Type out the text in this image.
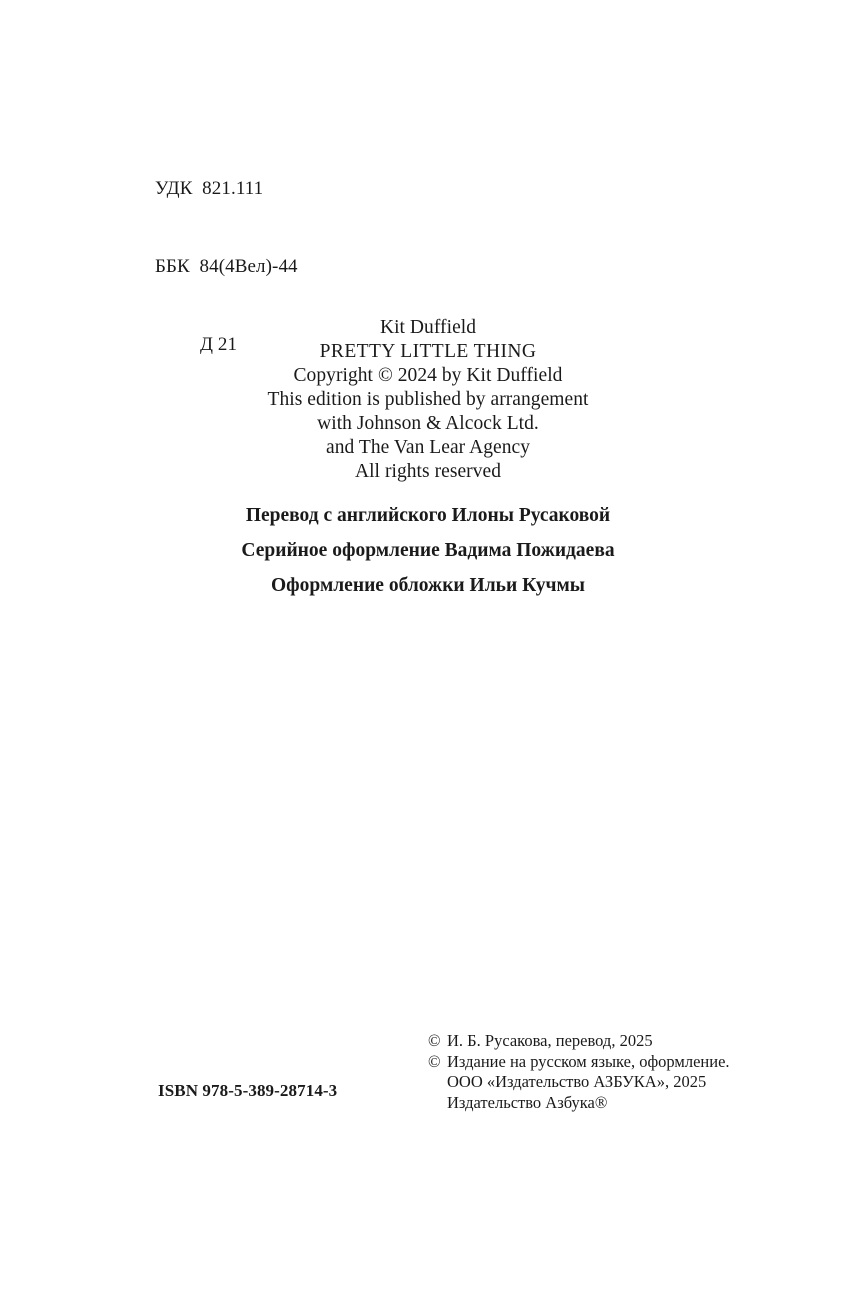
УДК  821.111

ББК  84(4Вел)-44

Д 21

Kit Duffield
PRETTY LITTLE THING
Copyright © 2024 by Kit Duffield
This edition is published by arrangement
with Johnson & Alcock Ltd.
and The Van Lear Agency
All rights reserved
Перевод с английского Илоны Русаковой
Серийное оформление Вадима Пожидаева
Оформление обложки Ильи Кучмы
ISBN 978-5-389-28714-3
© И. Б. Русакова, перевод, 2025
© Издание на русском языке, оформление.
ООО «Издательство АЗБУКА», 2025
Издательство Азбука®
